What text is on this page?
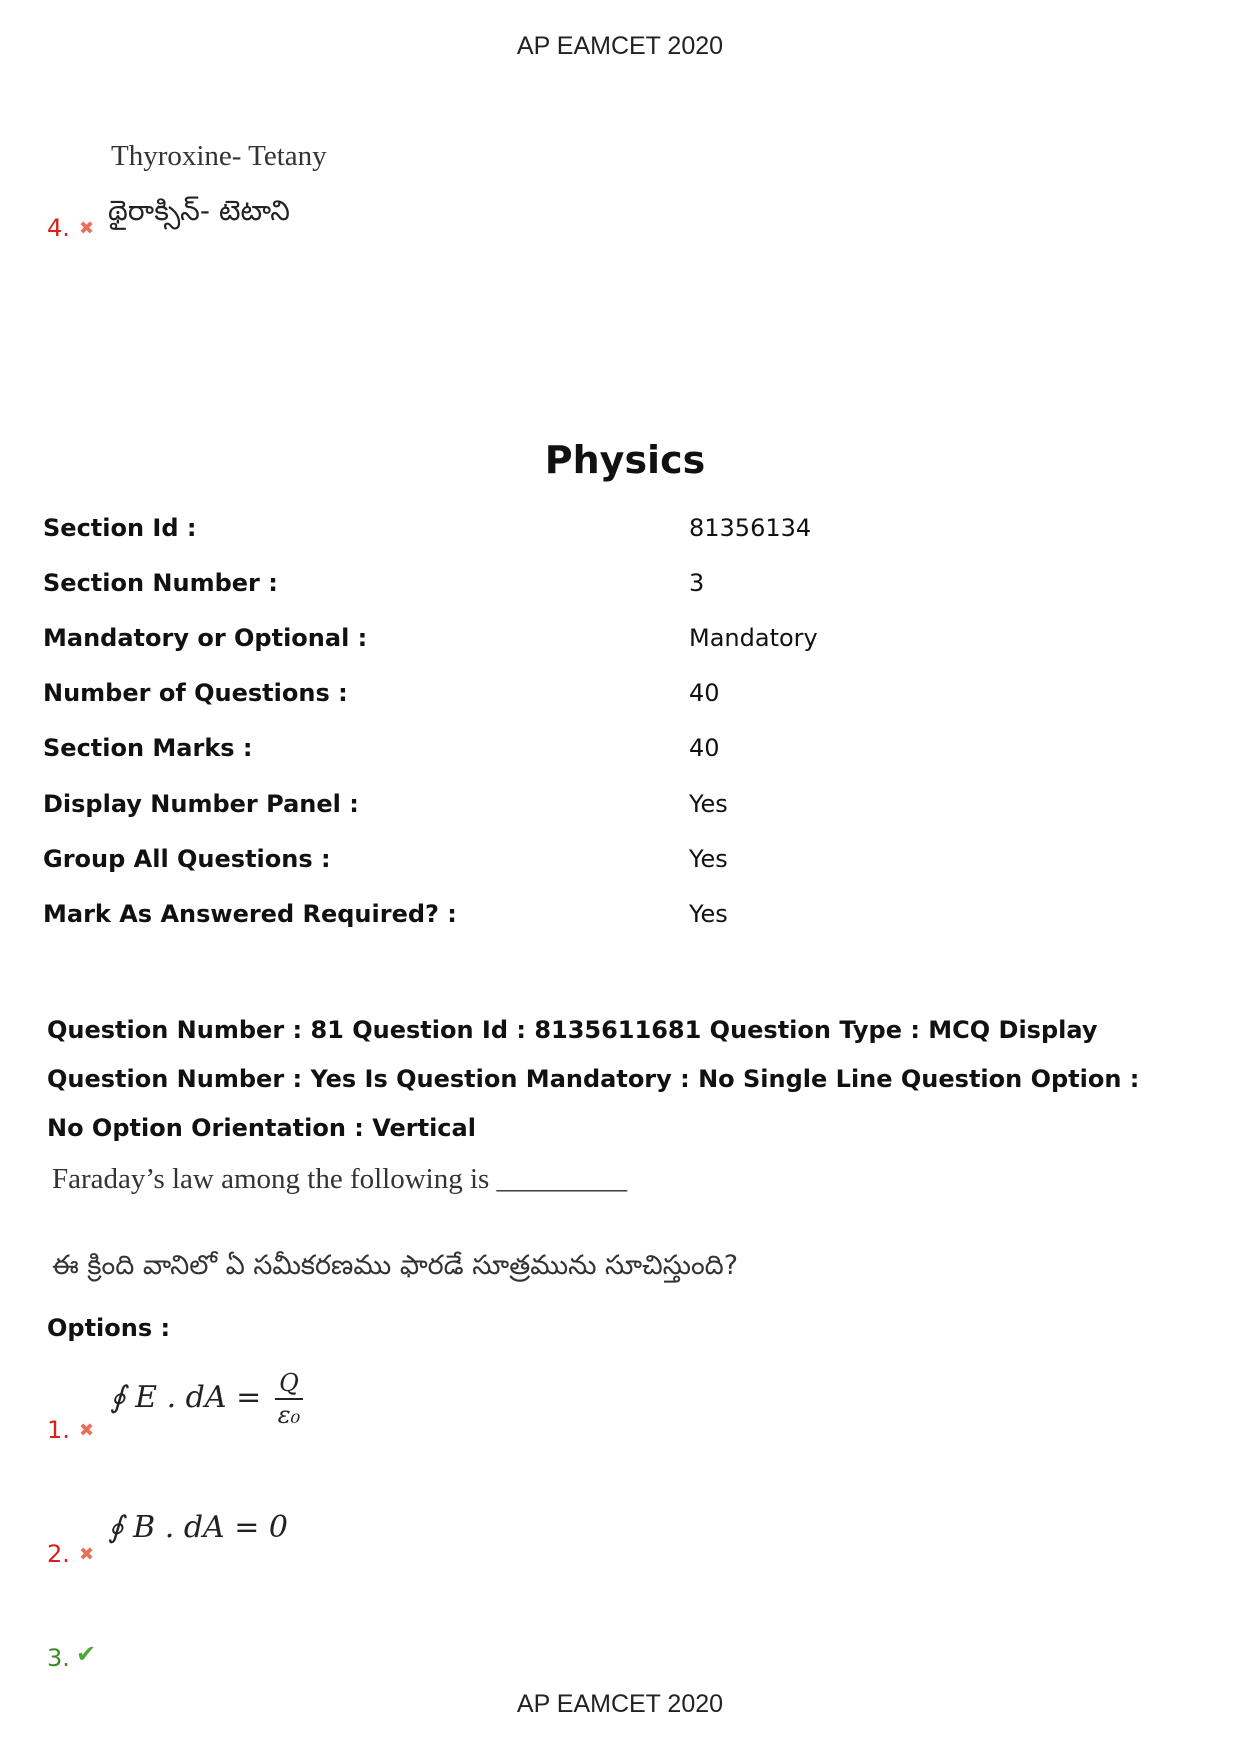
AP EAMCET 2020
Thyroxine- Tetany
థైరాక్సిన్- టెటాని
4. ✖
Physics
Section Id :	81356134
Section Number :	3
Mandatory or Optional :	Mandatory
Number of Questions :	40
Section Marks :	40
Display Number Panel :	Yes
Group All Questions :	Yes
Mark As Answered Required? :	Yes
Question Number : 81 Question Id : 8135611681 Question Type : MCQ Display Question Number : Yes Is Question Mandatory : No Single Line Question Option : No Option Orientation : Vertical
Faraday’s law among the following is _________
ఈ క్రింది వానిలో ఏ సమీకరణము ఫారడే సూత్రమును సూచిస్తుంది?
Options :
∮ E . dA = $\frac{Q}{\text{ε₀}}$
1. ✖
∮ B . dA = 0
2. ✖
3. ✔
AP EAMCET 2020
